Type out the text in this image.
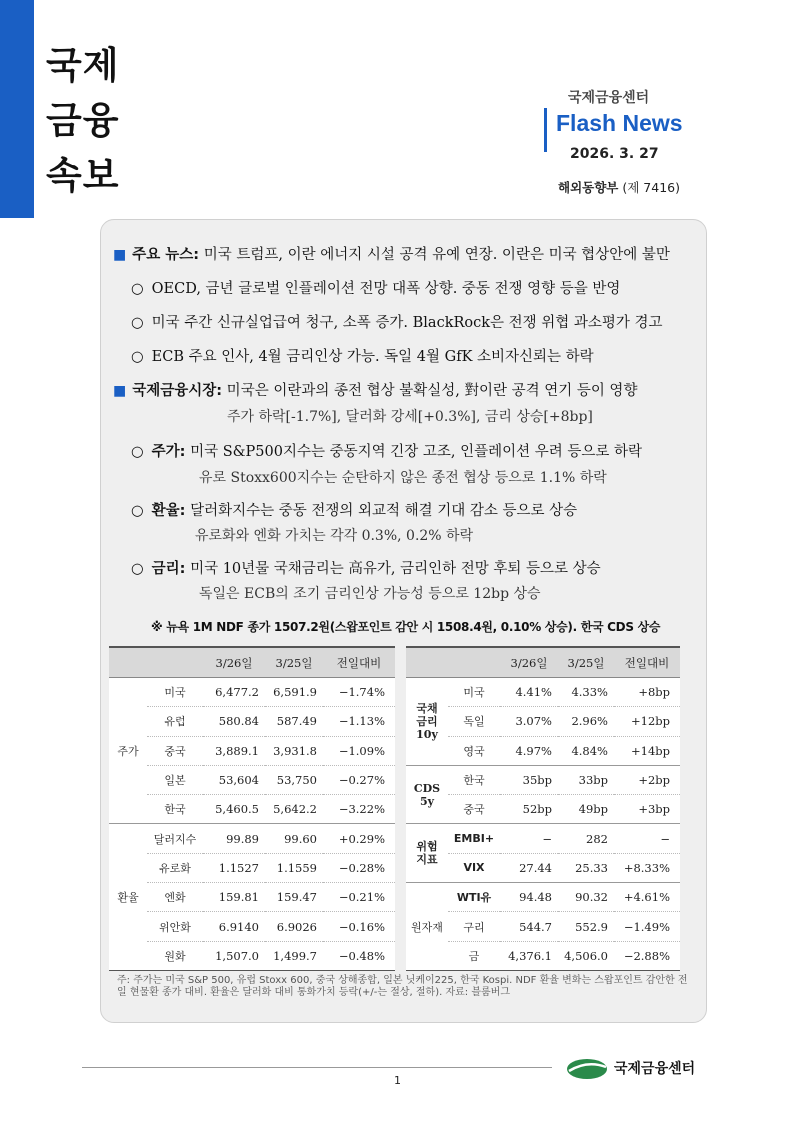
국제
금융
속보
국제금융센터
Flash News
2026. 3. 27
해외동향부 (제 7416)
■ 주요 뉴스: 미국 트럼프, 이란 에너지 시설 공격 유예 연장. 이란은 미국 협상안에 불만
○ OECD, 금년 글로벌 인플레이션 전망 대폭 상향. 중동 전쟁 영향 등을 반영
○ 미국 주간 신규실업급여 청구, 소폭 증가. BlackRock은 전쟁 위협 과소평가 경고
○ ECB 주요 인사, 4월 금리인상 가능. 독일 4월 GfK 소비자신뢰는 하락
■ 국제금융시장: 미국은 이란과의 종전 협상 불확실성, 對이란 공격 연기 등이 영향
주가 하락[-1.7%], 달러화 강세[+0.3%], 금리 상승[+8bp]
○ 주가: 미국 S&P500지수는 중동지역 긴장 고조, 인플레이션 우려 등으로 하락
유로 Stoxx600지수는 순탄하지 않은 종전 협상 등으로 1.1% 하락
○ 환율: 달러화지수는 중동 전쟁의 외교적 해결 기대 감소 등으로 상승
유로화와 엔화 가치는 각각 0.3%, 0.2% 하락
○ 금리: 미국 10년물 국채금리는 高유가, 금리인하 전망 후퇴 등으로 상승
독일은 ECB의 조기 금리인상 가능성 등으로 12bp 상승
※ 뉴욕 1M NDF 종가 1507.2원(스왑포인트 감안 시 1508.4원, 0.10% 상승). 한국 CDS 상승
		3/26일	3/25일	전일대비
주가	미국	6,477.2	6,591.9	−1.74%
	유럽	580.84	587.49	−1.13%
	중국	3,889.1	3,931.8	−1.09%
	일본	53,604	53,750	−0.27%
	한국	5,460.5	5,642.2	−3.22%
환율	달러지수	99.89	99.60	+0.29%
	유로화	1.1527	1.1559	−0.28%
	엔화	159.81	159.47	−0.21%
	위안화	6.9140	6.9026	−0.16%
	원화	1,507.0	1,499.7	−0.48%
		3/26일	3/25일	전일대비

국채
금리
10y	미국	4.41%	4.33%	+8bp
	독일	3.07%	2.96%	+12bp
	영국	4.97%	4.84%	+14bp

CDS
5y	한국	35bp	33bp	+2bp
	중국	52bp	49bp	+3bp

위험
지표	EMBI+	−	282	−
	VIX	27.44	25.33	+8.33%
원자재	WTI유	94.48	90.32	+4.61%
	구리	544.7	552.9	−1.49%
	금	4,376.1	4,506.0	−2.88%
주: 주가는 미국 S&P 500, 유럽 Stoxx 600, 중국 상해종합, 일본 닛케이225, 한국 Kospi. NDF 환율 변화는 스왑포인트 감안한 전일 현물환 종가 대비. 환율은 달러화 대비 통화가치 등락(+/-는 절상, 절하). 자료: 블룸버그
1
국제금융센터
